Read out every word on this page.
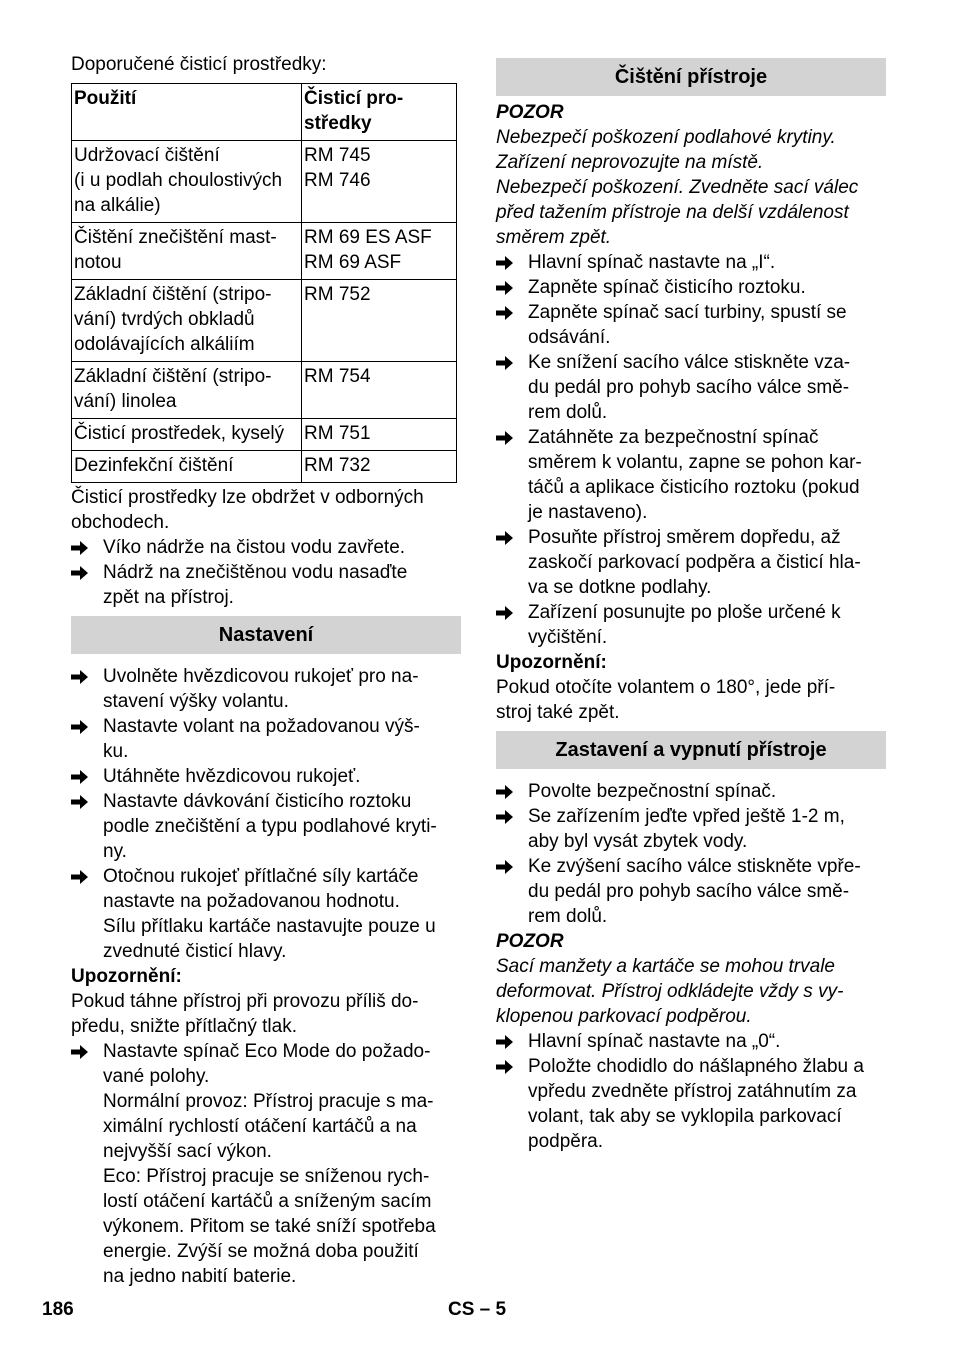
Doporučené čisticí prostředky:

Použití	Čisticí pro-
středky
Udržovací čištění
(i u podlah choulostivých
na alkálie)	RM 745
RM 746
Čištění znečištění mast-
notou	RM 69 ES ASF
RM 69 ASF
Základní čištění (stripo-
vání) tvrdých obkladů
odolávajících alkáliím	RM 752
Základní čištění (stripo-
vání) linolea	RM 754
Čisticí prostředek, kyselý	RM 751
Dezinfekční čištění	RM 732

Čisticí prostředky lze obdržet v odborných
obchodech.

Víko nádrže na čistou vodu zavřete.
Nádrž na znečištěnou vodu nasaďte
zpět na přístroj.
Nastavení
Uvolněte hvězdicovou rukojeť pro na-
stavení výšky volantu.
Nastavte volant na požadovanou výš-
ku.
Utáhněte hvězdicovou rukojeť.
Nastavte dávkování čisticího roztoku
podle znečištění a typu podlahové kryti-
ny.
Otočnou rukojeť přítlačné síly kartáče
nastavte na požadovanou hodnotu.

Sílu přítlaku kartáče nastavujte pouze u
zvednuté čisticí hlavy.

Upozornění:

Pokud táhne přístroj při provozu příliš do-
předu, snižte přítlačný tlak.

Nastavte spínač Eco Mode do požado-
vané polohy.

Normální provoz: Přístroj pracuje s ma-
ximální rychlostí otáčení kartáčů a na
nejvyšší sací výkon.

Eco: Přístroj pracuje se sníženou rych-
lostí otáčení kartáčů a sníženým sacím
výkonem. Přitom se také sníží spotřeba
energie. Zvýší se možná doba použití
na jedno nabití baterie.

Čištění přístroje

POZOR

Nebezpečí poškození podlahové krytiny.
Zařízení neprovozujte na místě.
Nebezpečí poškození. Zvedněte sací válec
před tažením přístroje na delší vzdálenost
směrem zpět.

Hlavní spínač nastavte na „I“.
Zapněte spínač čisticího roztoku.
Zapněte spínač sací turbiny, spustí se
odsávání.
Ke snížení sacího válce stiskněte vza-
du pedál pro pohyb sacího válce smě-
rem dolů.
Zatáhněte za bezpečnostní spínač
směrem k volantu, zapne se pohon kar-
táčů a aplikace čisticího roztoku (pokud
je nastaveno).
Posuňte přístroj směrem dopředu, až
zaskočí parkovací podpěra a čisticí hla-
va se dotkne podlahy.
Zařízení posunujte po ploše určené k
vyčištění.

Upozornění:

Pokud otočíte volantem o 180°, jede pří-
stroj také zpět.

Zastavení a vypnutí přístroje
Povolte bezpečnostní spínač.
Se zařízením jeďte vpřed ještě 1-2 m,
aby byl vysát zbytek vody.
Ke zvýšení sacího válce stiskněte vpře-
du pedál pro pohyb sacího válce smě-
rem dolů.

POZOR

Sací manžety a kartáče se mohou trvale
deformovat. Přístroj odkládejte vždy s vy-
klopenou parkovací podpěrou.

Hlavní spínač nastavte na „0“.
Položte chodidlo do nášlapného žlabu a
vpředu zvedněte přístroj zatáhnutím za
volant, tak aby se vyklopila parkovací
podpěra.
186	CS – 5
